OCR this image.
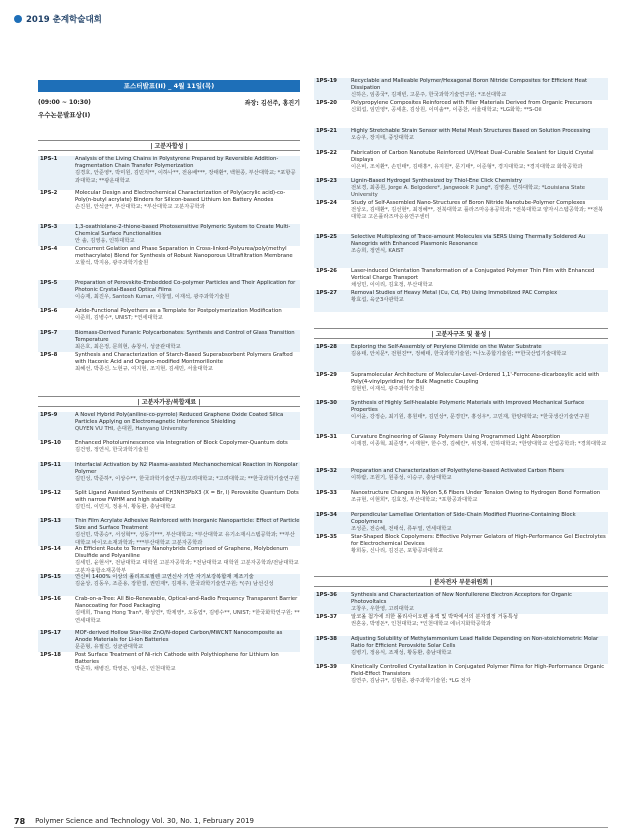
2019 춘계학술대회
포스터발표(II) _ 4월 11일(목)
(09:00 ~ 10:30)	좌장: 김선주, 홍진기
우수논문발표상(I)
78 Polymer Science and Technology Vol. 30, No. 1, February 2019
| 고분자합성 |
1PS-1	Analysis of the Living Chains in Polystyrene Prepared by Reversible Addition-fragmentation Chain Transfer Polymerization
김경호, 안준영*, 박미원, 김민지**, 이하나**, 전용배***, 장태환*, 백현종, 부산대학교; *포항공과대학교; **광운대학교
1PS-2	Molecular Design and Electrochemical Characterization of Poly(acrylic acid)-co-Poly(n-butyl acrylate) Binders for Silicon-based Lithium Ion Battery Anodes
손진원, 안석균*, 부산대학교; *부산대학교 고분자공학과
1PS-3	1,3-oxathiolane-2-thione-based Photosensitive Polymeric System to Create Multi-Chemical Surface Functionalities
안 솔, 김영웅, 인하대학교
1PS-4	Concurrent Gelation and Phase Separation in Cross-linked-Polyurea/poly(methyl methacrylate) Blend for Synthesis of Robust Nanoporous Ultrafiltration Membrane
오할석, 박지용, 광주과학기술원
1PS-5	Preparation of Perovskite-Embedded Co-polymer Particles and Their Application for Photonic Crystal-Based Optical Films
이승재, 최진우, Santosh Kumar, 이창열, 이재석, 광주과학기술원
1PS-6	Azide-Functional Polyethers as a Template for Postpolymerization Modification
이준희, 김병수*, UNIST; *연세대학교
1PS-7	Biomass-Derived Furanic Polycarbonates: Synthesis and Control of Glass Transition Temperature
최은호, 최은정, 문희현, 송창식, 성균관대학교
1PS-8	Synthesis and Characterization of Starch-Based Superabsorbent Polymers Grafted with Itaconic Acid and Organo-modified Montmorillonite
최혜선, 박종신, 노현규, 여지현, 조지현, 김세민, 서울대학교
| 고분자가공/복합재료 |
1PS-9	A Novel Hybrid Poly(aniline-co-pyrrole) Reduced Graphene Oxide Coated Silica Particles Applying on Electromagnetic Interference Shielding
QUYEN VU THI, 손대원, Hanyang University
1PS-10	Enhanced Photoluminescence via Integration of Block Copolymer-Quantum dots
김건영, 정연식, 한국과학기술원
1PS-11	Interfacial Activation by N2 Plasma-assisted Mechanochemical Reaction in Nonpolar Polymer
김민성, 박준하*, 이상수**, 한국과학기술연구원/고려대학교; *고려대학교; **한국과학기술연구원
1PS-12	Split Ligand Assisted Synthesis of CH3NH3PbX3 (X = Br, I) Perovskite Quantum Dots with narrow FWHM and high stability
김민석, 이민지, 정용식, 황동환, 충남대학교
1PS-13	Thin Film Acrylate Adhesive Reinforced with Inorganic Nanoparticle: Effect of Particle Size and Surface Treatment
김선민, 박종승*, 서성혁**, 성동기***, 부산대학교; *부산대학교 유기소재시스템공학과; **부산대학교 바이오소재과학과; ***부산대학교 고분자공학과
1PS-14	An Efficient Route to Ternary Nanohybrids Comprised of Graphene, Molybdenum Disulfide and Polyaniline
김세민, 윤현서*, 전남대학교 대학원 고분자공학과; *전남대학교 대학원 고분자공학과/전남대학교 고분자융합소재공학부
1PS-15	연신비 1400% 이상의 폴리프로필렌 고연신사 기반 자기보강복합재 제조기술
김윤상, 김동우, 조준용, 장한결, 권민재*, 김재우, 한국과학기술연구원; *(주) 남선신성
1PS-16	Crab-on-a-Tree: All Bio-Renewable, Optical-and-Radio Frequency Transparent Barrier Nanocoating for Food Packaging
김태희, Thang Hong Tran*, 황성연*, 박제영*, 오동엽*, 김병수**, UNIST; *한국화학연구원; **연세대학교
1PS-17	MOF-derived Hollow Star-like ZnO/N-doped Carbon/MWCNT Nanocomposite as Anode Materials for Li-ion Batteries
문준형, 유필진, 성균관대학교
1PS-18	Post Surface Treatment of Ni-rich Cathode with Polythiophene for Lithium Ion Batteries
박준하, 채병진, 박영돈, 임태은, 인천대학교
1PS-19	Recyclable and Malleable Polymer/Hexagonal Boron Nitride Composites for Efficient Heat Dissipation
신하은, 임종국*, 김재빈, 고문주, 한국과학기술연구원; *조선대학교
1PS-20	Polypropylene Composites Reinforced with Filler Materials Derived from Organic Precursors
신회섭, 임민영*, 공세훈, 김상원, 이미솔**, 이종찬, 서울대학교; *LG화학; **S-Oil
1PS-21	Highly Stretchable Strain Sensor with Metal Mesh Structures Based on Solution Processing
오승우, 장지태, 중앙대학교
1PS-22	Fabrication of Carbon Nanotube Reinforced UV/Heat Dual-Curable Sealant for Liquid Crystal Displays
이은비, 조치환*, 손민태*, 김태홍*, 유지원*, 문기태*, 이준형*, 경지대학교; *경지대학교 화학공학과
1PS-23	Lignin-Based Hydrogel Synthesized by Thiol-Ene Click Chemistry
전보경, 최종원, Jorge A. Belgodere*, Jangwook P. Jung*, 김영훈, 인하대학교; *Louisiana State University
1PS-24	Study of Self-Assembled Nano-Structures of Boron Nitride Nanotube-Polymer Complexes
전상오, 김태환*, 김선현*, 최정혜**, 전북대학교 플라즈마응용공학과; *전북대학교 양자시스템공학과; **전북대학교 고온플라즈마응용연구센터
1PS-25	Selective Multiplexing of Trace-amount Molecules via SERS Using Thermally Soldered Au Nanogrids with Enhanced Plasmonic Resonance
조승희, 정연식, KAIST
1PS-26	Laser-induced Orientation Transformation of a Conjugated Polymer Thin Film with Enhanced Vertical Charge Transport
채성민, 이이리, 김효정, 부산대학교
1PS-27	Removal Studies of Heavy Metal (Cu, Cd, Pb) Using Immobilized PAC Complex
황효섭, 육군3사관학교
| 고분자구조 및 물성 |
1PS-28	Exploring the Self-Assembly of Perylene Diimide on the Water Substrate
김용태, 안치문*, 전현진**, 정해태, 한국과학기술원; *나노종합기술원; **한국산업기술대학교
1PS-29	Supramolecular Architecture of Molecular-Level-Ordered 1,1'-Ferrocene-dicarboxylic acid with Poly(4-vinylpyridine) for Bulk Magnetic Coupling
김현빈, 이재석, 광주과학기술원
1PS-30	Synthesis of Highly Self-healable Polymeric Materials with Improved Mechanical Surface Properties
이서윤, 강정순, 최기원, 홍원태*, 김민상*, 문경민*, 홍성우*, 고민재, 한양대학교; *한국생산기술연구원
1PS-31	Curvature Engineering of Glassy Polymers Using Programmed Light Absorption
이재겸, 이종혁, 최준명*, 이재현*, 한수경, 김혜린*, 위정재, 인하대학교; *한양대학교 산업공학과; *경희대학교
1PS-32	Preparation and Characterization of Polyethylene-based Activated Carbon Fibers
이하람, 조원기, 원종성, 이승구, 충남대학교
1PS-33	Nanostructure Changes in Nylon 5,6 Fibers Under Tension Owing to Hydrogen Bond Formation
조규현, 이현희*, 김효정, 부산대학교; *포항공과대학교
1PS-34	Perpendicular Lamellae Orientation of Side-Chain Modified Fluorine-Containing Block Copolymers
조성준, 전승혜, 전태석, 류두열, 연세대학교
1PS-35	Star-Shaped Block Copolymers: Effective Polymer Gelators of High-Performance Gel Electrolytes for Electrochemical Devices
황희동, 신나리, 김진곤, 포항공과대학교
| 분자전자 부문위원회 |
1PS-36	Synthesis and Characterization of New Nonfullerene Electron Acceptors for Organic Photovoltaics
고창우, 우한영, 고려대학교
1PS-37	알코올 첨가에 의한 폴리사이오펜 용액 및 박막에서의 분자결정 거동특성
권혼웅, 박영돈*, 인천대학교; *인천대학교 에너지화학공학과
1PS-38	Adjusting Solubility of Methylammonium Lead Halide Depending on Non-stoichiometric Molar Ratio for Efficient Perovskite Solar Cells
김병기, 정용식, 조재성, 황동환, 충남대학교
1PS-39	Kinetically Controlled Crystallization in Conjugated Polymer Films for High-Performance Organic Field-Effect Transistors
김연주, 김남규*, 김범준, 광주과학기술원; *LG 전자
